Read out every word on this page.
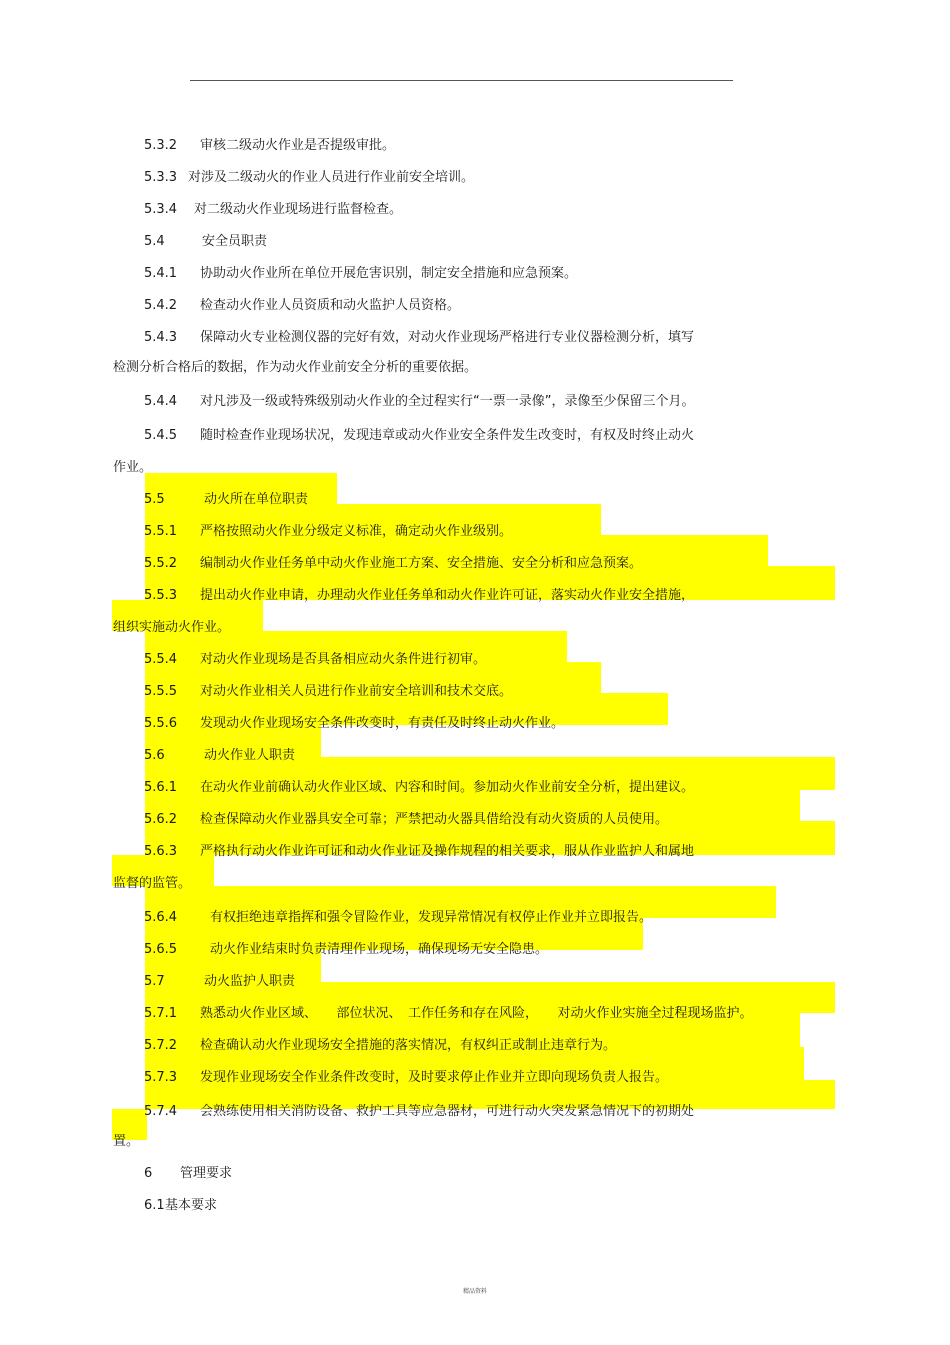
5.3.2 审核二级动火作业是否提级审批。
5.3.3 对涉及二级动火的作业人员进行作业前安全培训。
5.3.4 对二级动火作业现场进行监督检查。
5.4	安全员职责
5.4.1 协助动火作业所在单位开展危害识别，制定安全措施和应急预案。
5.4.2 检查动火作业人员资质和动火监护人员资格。
5.4.3 保障动火专业检测仪器的完好有效，对动火作业现场严格进行专业仪器检测分析，填写
检测分析合格后的数据，作为动火作业前安全分析的重要依据。
5.4.4 对凡涉及一级或特殊级别动火作业的全过程实行“一票一录像”，录像至少保留三个月。
5.4.5 随时检查作业现场状况，发现违章或动火作业安全条件发生改变时，有权及时终止动火
作业。
5.5	动火所在单位职责
5.5.1 严格按照动火作业分级定义标准，确定动火作业级别。
5.5.2 编制动火作业任务单中动火作业施工方案、安全措施、安全分析和应急预案。
5.5.3 提出动火作业申请，办理动火作业任务单和动火作业许可证，落实动火作业安全措施，
组织实施动火作业。
5.5.4 对动火作业现场是否具备相应动火条件进行初审。
5.5.5 对动火作业相关人员进行作业前安全培训和技术交底。
5.5.6 发现动火作业现场安全条件改变时，有责任及时终止动火作业。
5.6	动火作业人职责
5.6.1 在动火作业前确认动火作业区域、内容和时间。参加动火作业前安全分析，提出建议。
5.6.2 检查保障动火作业器具安全可靠；严禁把动火器具借给没有动火资质的人员使用。
5.6.3 严格执行动火作业许可证和动火作业证及操作规程的相关要求，服从作业监护人和属地
监督的监管。
5.6.4	有权拒绝违章指挥和强令冒险作业，发现异常情况有权停止作业并立即报告。
5.6.5	动火作业结束时负责清理作业现场，确保现场无安全隐患。
5.7	动火监护人职责
5.7.1 熟悉动火作业区域、　　部位状况、　工作任务和存在风险，　　对动火作业实施全过程现场监护。
5.7.2 检查确认动火作业现场安全措施的落实情况，有权纠正或制止违章行为。
5.7.3 发现作业现场安全作业条件改变时，及时要求停止作业并立即向现场负责人报告。
5.7.4 会熟练使用相关消防设备、救护工具等应急器材，可进行动火突发紧急情况下的初期处
置。
6 管理要求
6.1 基本要求
精品资料
